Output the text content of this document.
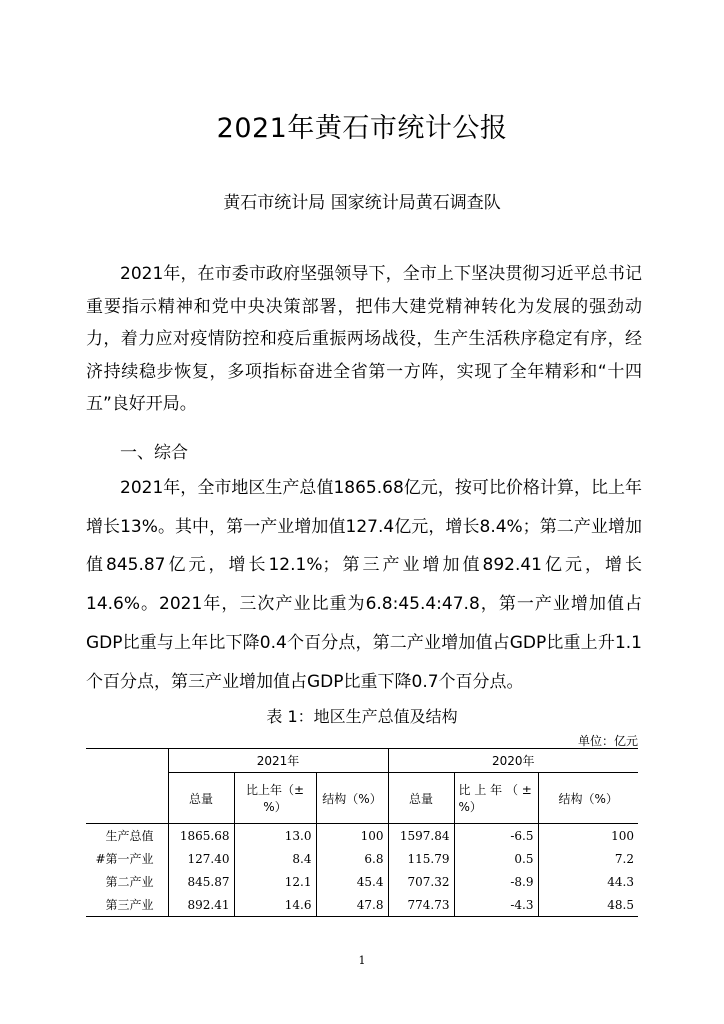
2021年黄石市统计公报
黄石市统计局 国家统计局黄石调查队
2021年，在市委市政府坚强领导下，全市上下坚决贯彻习近平总书记重要指示精神和党中央决策部署，把伟大建党精神转化为发展的强劲动力，着力应对疫情防控和疫后重振两场战役，生产生活秩序稳定有序，经济持续稳步恢复，多项指标奋进全省第一方阵，实现了全年精彩和“十四五”良好开局。
一、综合
2021年，全市地区生产总值1865.68亿元，按可比价格计算，比上年增长13%。其中，第一产业增加值127.4亿元，增长8.4%；第二产业增加值845.87亿元，增长12.1%；第三产业增加值892.41亿元，增长14.6%。2021年，三次产业比重为6.8:45.4:47.8，第一产业增加值占GDP比重与上年比下降0.4个百分点，第二产业增加值占GDP比重上升1.1个百分点，第三产业增加值占GDP比重下降0.7个百分点。
表 1：地区生产总值及结构
单位：亿元
	2021年			2020年		
	总量	比上年（±%）	结构（%）	总量	比 上 年 （ ± %）	结构（%）
生产总值	1865.68	13.0	100	1597.84	-6.5	100
#第一产业	127.40	8.4	6.8	115.79	0.5	7.2
第二产业	845.87	12.1	45.4	707.32	-8.9	44.3
第三产业	892.41	14.6	47.8	774.73	-4.3	48.5
1
